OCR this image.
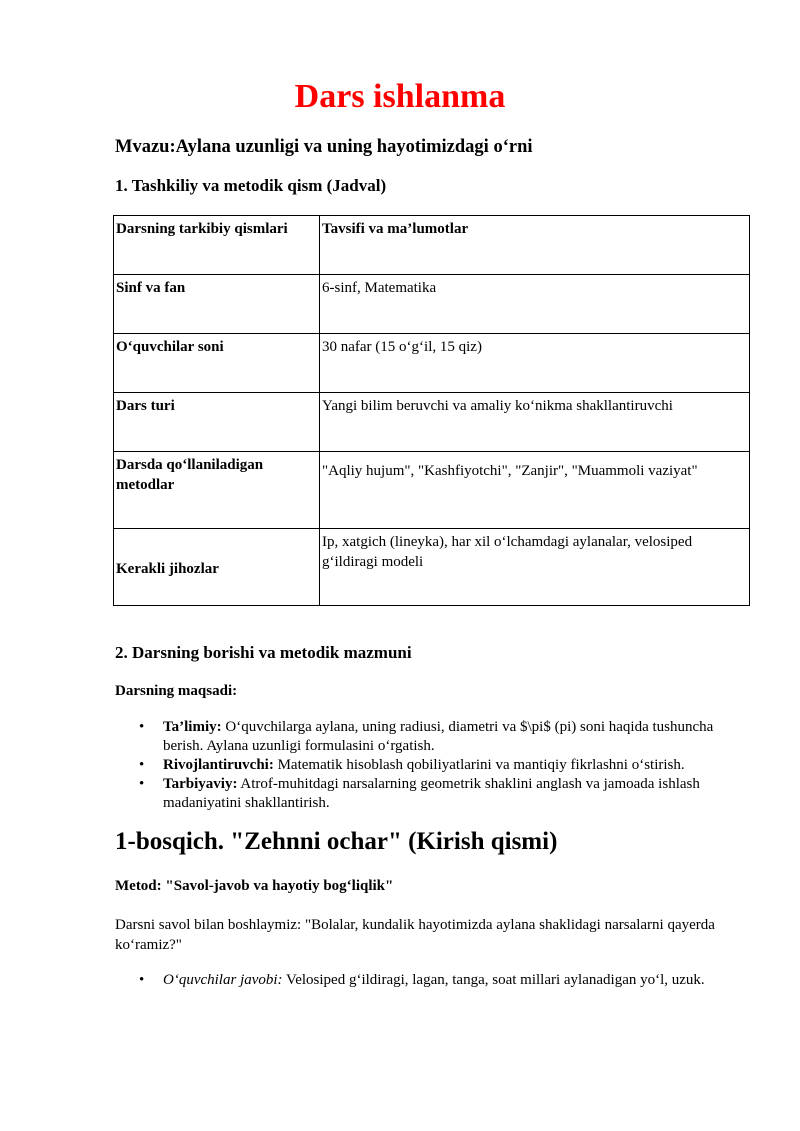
Dars ishlanma
Mvazu:Aylana uzunligi va uning hayotimizdagi o‘rni
1. Tashkiliy va metodik qism (Jadval)
Darsning tarkibiy qismlari	Tavsifi va ma’lumotlar
Sinf va fan	6-sinf, Matematika
O‘quvchilar soni	30 nafar (15 o‘g‘il, 15 qiz)
Dars turi	Yangi bilim beruvchi va amaliy ko‘nikma shakllantiruvchi
Darsda qo‘llaniladigan metodlar	"Aqliy hujum", "Kashfiyotchi", "Zanjir", "Muammoli vaziyat"
Kerakli jihozlar	Ip, xatgich (lineyka), har xil o‘lchamdagi aylanalar, velosiped g‘ildiragi modeli
2. Darsning borishi va metodik mazmuni
Darsning maqsadi:
• Ta’limiy: O‘quvchilarga aylana, uning radiusi, diametri va $\pi$ (pi) soni haqida tushuncha berish. Aylana uzunligi formulasini o‘rgatish.
• Rivojlantiruvchi: Matematik hisoblash qobiliyatlarini va mantiqiy fikrlashni o‘stirish.
• Tarbiyaviy: Atrof-muhitdagi narsalarning geometrik shaklini anglash va jamoada ishlash madaniyatini shakllantirish.
1-bosqich. "Zehnni ochar" (Kirish qismi)
Metod: "Savol-javob va hayotiy bog‘liqlik"
Darsni savol bilan boshlaymiz: "Bolalar, kundalik hayotimizda aylana shaklidagi narsalarni qayerda ko‘ramiz?"
• O‘quvchilar javobi: Velosiped g‘ildiragi, lagan, tanga, soat millari aylanadigan yo‘l, uzuk.
